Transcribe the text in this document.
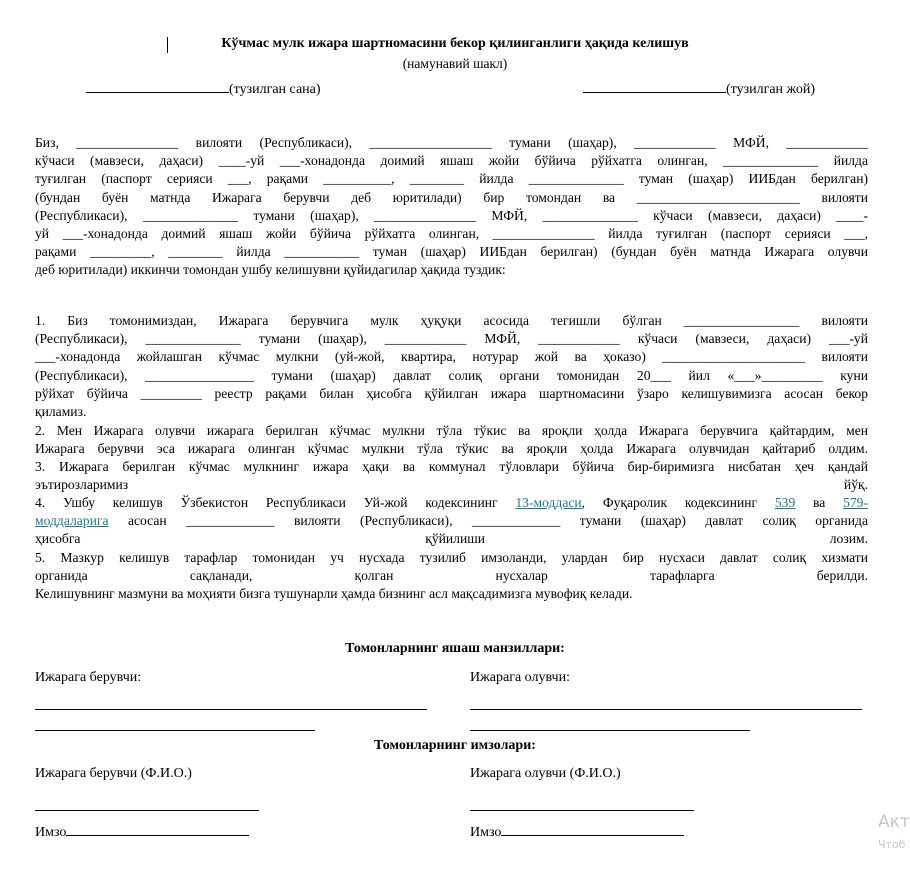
Кўчмас мулк ижара шартномасини бекор қилинганлиги ҳақида келишув
(намунавий шакл)
(тузилган сана)	(тузилган жой)
Биз, _______________ вилояти (Республикаси), __________________ тумани (шаҳар), ____________ МФЙ, ____________
кўчаси (мавзеси, даҳаси) ____-уй ___-хонадонда доимий яшаш жойи бўйича рўйхатга олинган, ______________ йилда
туғилган (паспорт серияси ___, рақами __________, ________ йилда ______________ туман (шаҳар) ИИБдан берилган)
(бундан буён матнда Ижарага берувчи деб юритилади) бир томондан ва ________________________ вилояти
(Республикаси), ______________ тумани (шаҳар), _______________ МФЙ, ______________ кўчаси (мавзеси, даҳаси) ____-
уй ___-хонадонда доимий яшаш жойи бўйича рўйхатга олинган, _______________ йилда туғилган (паспорт серияси ___,
рақами _________, ________ йилда ___________ туман (шаҳар) ИИБдан берилган) (бундан буён матнда Ижарага олувчи
деб юритилади) иккинчи томондан ушбу келишувни қуйидагилар ҳақида туздик:
1. Биз томонимиздан, Ижарага берувчига мулк ҳуқуқи асосида тегишли бўлган _________________ вилояти
(Республикаси), ______________ тумани (шаҳар), ____________ МФЙ, ____________ кўчаси (мавзеси, даҳаси) ___-уй
___-хонадонда жойлашган кўчмас мулкни (уй-жой, квартира, нотурар жой ва ҳоказо) _____________________ вилояти
(Республикаси), ________________ тумани (шаҳар) давлат солиқ органи томонидан 20___ йил «___»_________ куни
рўйхат бўйича _________ реестр рақами билан ҳисобга қўйилган ижара шартномасини ўзаро келишувимизга асосан бекор
қиламиз.
2. Мен Ижарага олувчи ижарага берилган кўчмас мулкни тўла тўкис ва яроқли ҳолда Ижарага берувчига қайтардим, мен
Ижарага берувчи эса ижарага олинган кўчмас мулкни тўла тўкис ва яроқли ҳолда Ижарага олувчидан қайтариб олдим.
3. Ижарага берилган кўчмас мулкнинг ижара ҳақи ва коммунал тўловлари бўйича бир-биримизга нисбатан ҳеч қандай
эътирозларимиз	йўқ.
4. Ушбу келишув Ўзбекистон Республикаси Уй-жой кодексининг 13-моддаси, Фуқаролик кодексининг 539 ва 579-
моддаларига асосан _____________ вилояти (Республикаси), _____________ тумани (шаҳар) давлат солиқ органида
ҳисобга	қўйилиши	лозим.
5. Мазкур келишув тарафлар томонидан уч нусхада тузилиб имзоланди, улардан бир нусхаси давлат солиқ хизмати
органида сақланади, қолган нусхалар тарафларга берилди.
Келишувнинг мазмуни ва моҳияти бизга тушунарли ҳамда бизнинг асл мақсадимизга мувофиқ келади.
Томонларнинг яшаш манзиллари:
Ижарага берувчи:	Ижарага олувчи:
Томонларнинг имзолари:
Ижарага берувчи (Ф.И.О.)	Ижарага олувчи (Ф.И.О.)
Имзо	Имзо
Акт
Чтоб
